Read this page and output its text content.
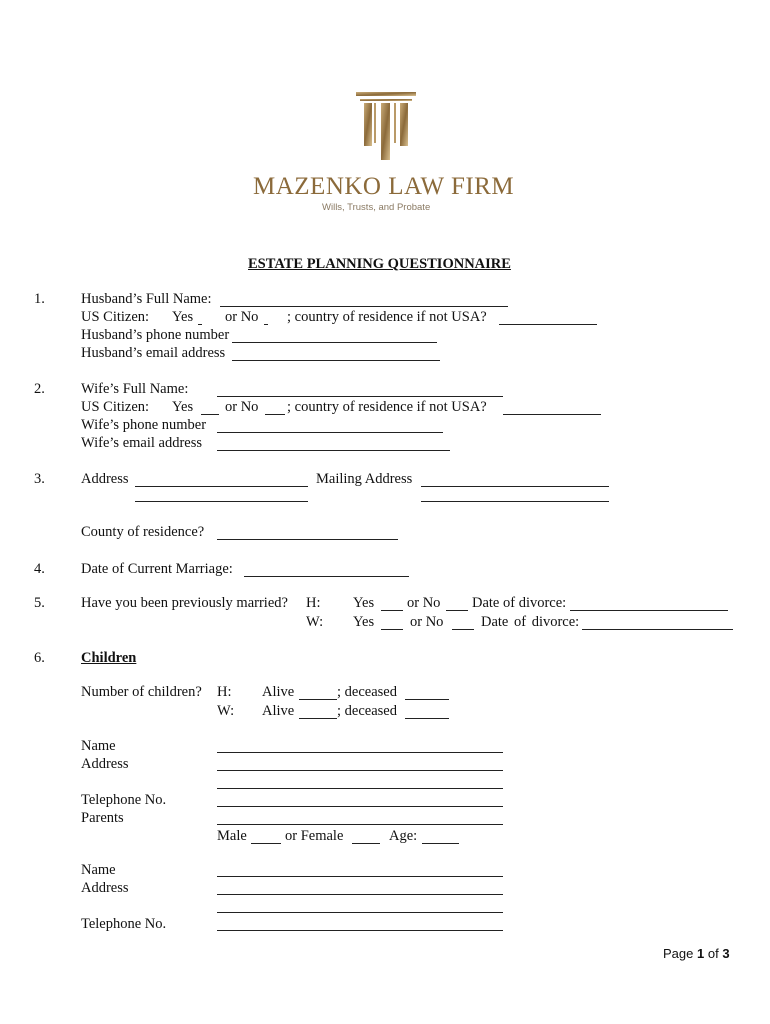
MAZENKO LAW FIRM
Wills, Trusts, and Probate
ESTATE PLANNING QUESTIONNAIRE
1. Husband’s Full Name:
US Citizen: Yes or No ; country of residence if not USA?
Husband’s phone number
Husband’s email address
2. Wife’s Full Name:
US Citizen: Yes or No ; country of residence if not USA?
Wife’s phone number
Wife’s email address
3. Address	Mailing Address
County of residence?
4. Date of Current Marriage:
5. Have you been previously married? H: Yes or No Date of divorce:
W: Yes or No	Date of divorce:
6. Children
Number of children? H: Alive	; deceased
W: Alive	; deceased
Name
Address
Telephone No.
Parents
Male	or Female	Age:
Name
Address
Telephone No.
Page 1 of 3
